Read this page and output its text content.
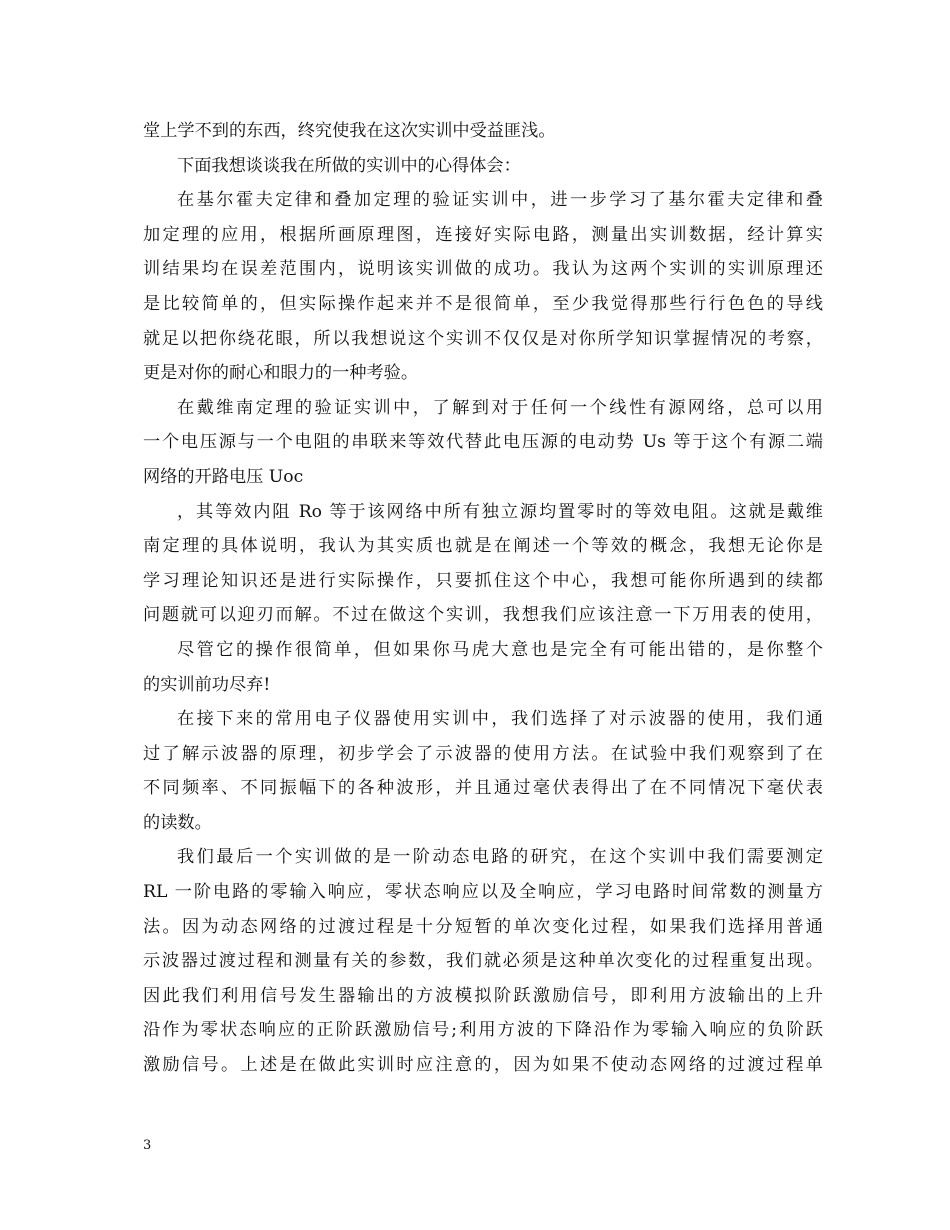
堂上学不到的东西，终究使我在这次实训中受益匪浅。
下面我想谈谈我在所做的实训中的心得体会：
在基尔霍夫定律和叠加定理的验证实训中，进一步学习了基尔霍夫定律和叠
加定理的应用，根据所画原理图，连接好实际电路，测量出实训数据，经计算实
训结果均在误差范围内，说明该实训做的成功。我认为这两个实训的实训原理还
是比较简单的，但实际操作起来并不是很简单，至少我觉得那些行行色色的导线
就足以把你绕花眼，所以我想说这个实训不仅仅是对你所学知识掌握情况的考察，
更是对你的耐心和眼力的一种考验。
在戴维南定理的验证实训中，了解到对于任何一个线性有源网络，总可以用
一个电压源与一个电阻的串联来等效代替此电压源的电动势 Us 等于这个有源二端
网络的开路电压 Uoc
，其等效内阻 Ro 等于该网络中所有独立源均置零时的等效电阻。这就是戴维
南定理的具体说明，我认为其实质也就是在阐述一个等效的概念，我想无论你是
学习理论知识还是进行实际操作，只要抓住这个中心，我想可能你所遇到的续都
问题就可以迎刃而解。不过在做这个实训，我想我们应该注意一下万用表的使用，
尽管它的操作很简单，但如果你马虎大意也是完全有可能出错的，是你整个
的实训前功尽弃!
在接下来的常用电子仪器使用实训中，我们选择了对示波器的使用，我们通
过了解示波器的原理，初步学会了示波器的使用方法。在试验中我们观察到了在
不同频率、不同振幅下的各种波形，并且通过毫伏表得出了在不同情况下毫伏表
的读数。
我们最后一个实训做的是一阶动态电路的研究，在这个实训中我们需要测定
RL 一阶电路的零输入响应，零状态响应以及全响应，学习电路时间常数的测量方
法。因为动态网络的过渡过程是十分短暂的单次变化过程，如果我们选择用普通
示波器过渡过程和测量有关的参数，我们就必须是这种单次变化的过程重复出现。
因此我们利用信号发生器输出的方波模拟阶跃激励信号，即利用方波输出的上升
沿作为零状态响应的正阶跃激励信号;利用方波的下降沿作为零输入响应的负阶跃
激励信号。上述是在做此实训时应注意的，因为如果不使动态网络的过渡过程单
3
